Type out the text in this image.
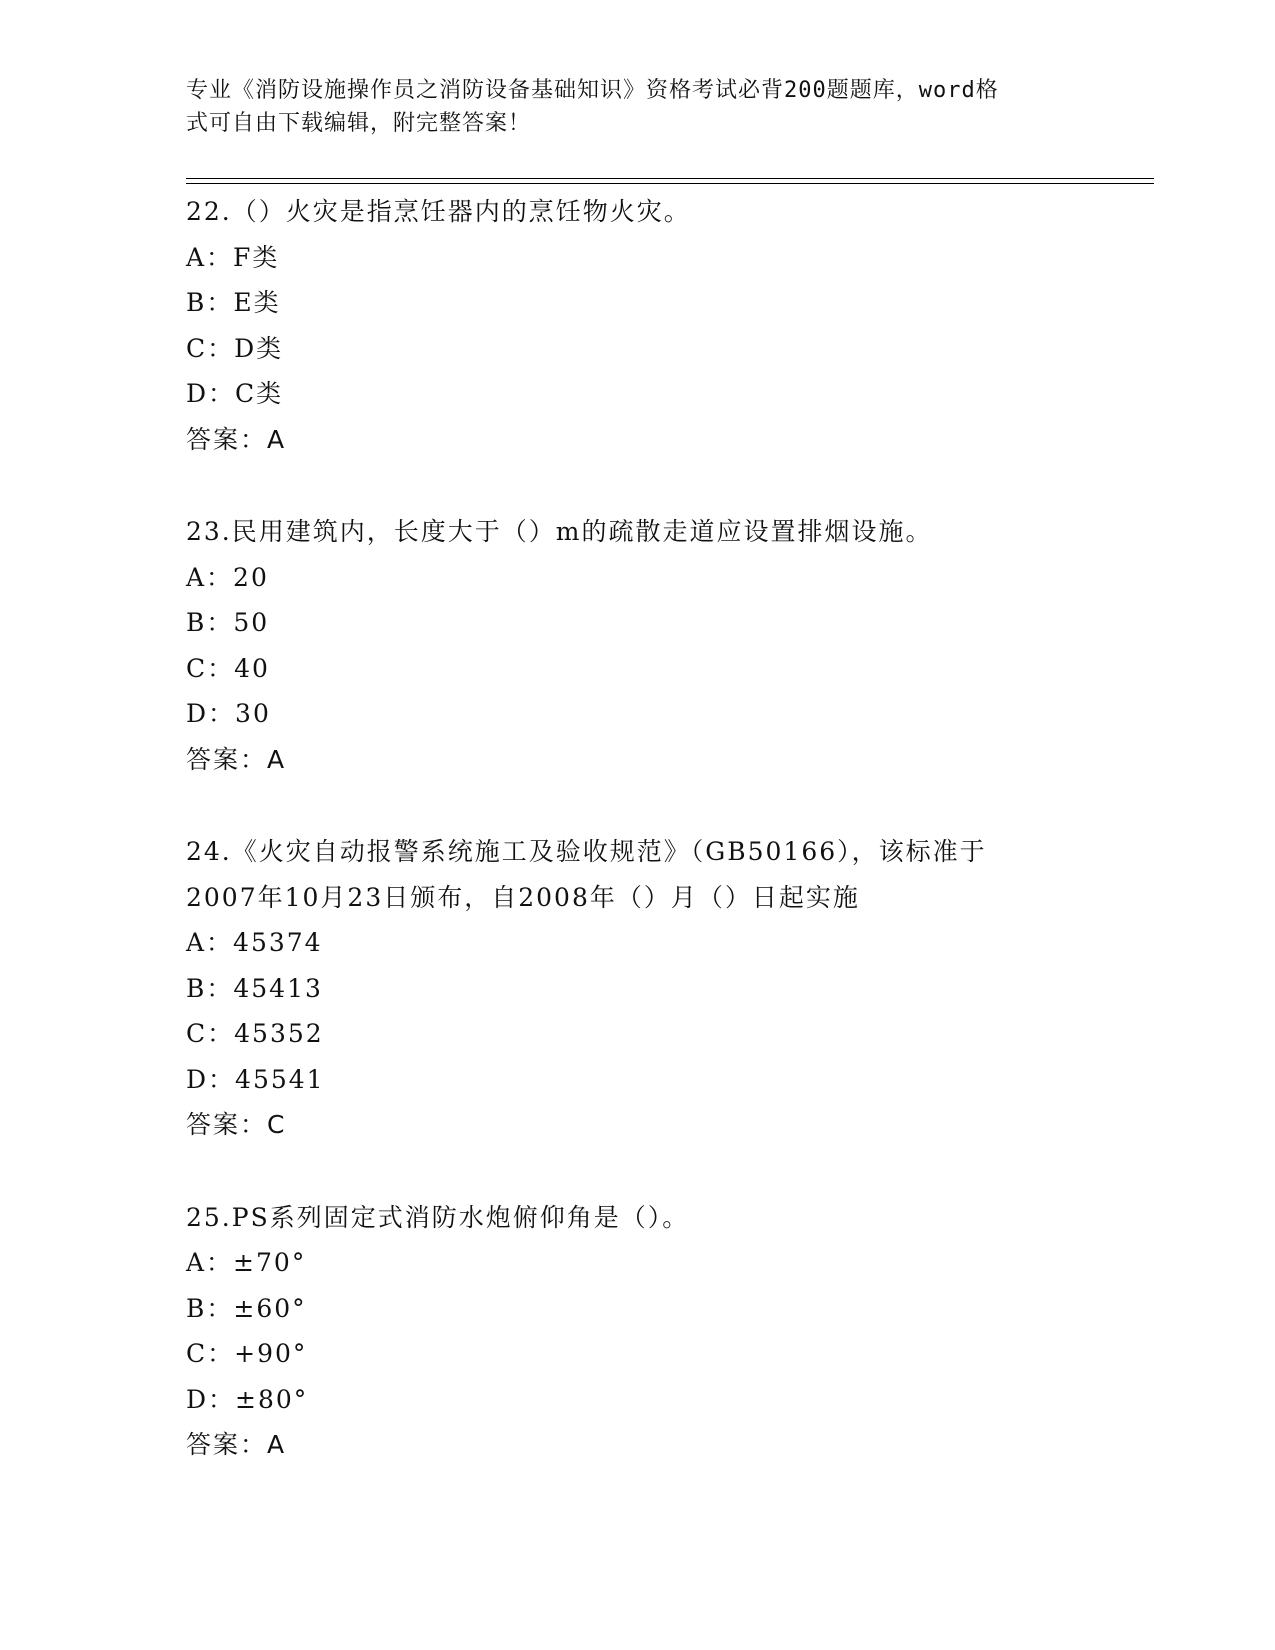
专业《消防设施操作员之消防设备基础知识》资格考试必背200题题库，word格
式可自由下载编辑，附完整答案！
22.（）火灾是指烹饪器内的烹饪物火灾。
A：F类
B：E类
C：D类
D：C类
答案：A
23.民用建筑内，长度大于（）m的疏散走道应设置排烟设施。
A：20
B：50
C：40
D：30
答案：A
24.《火灾自动报警系统施工及验收规范》（GB50166），该标准于
2007年10月23日颁布，自2008年（）月（）日起实施
A：45374
B：45413
C：45352
D：45541
答案：C
25.PS系列固定式消防水炮俯仰角是（）。
A：±70°
B：±60°
C：+90°
D：±80°
答案：A
